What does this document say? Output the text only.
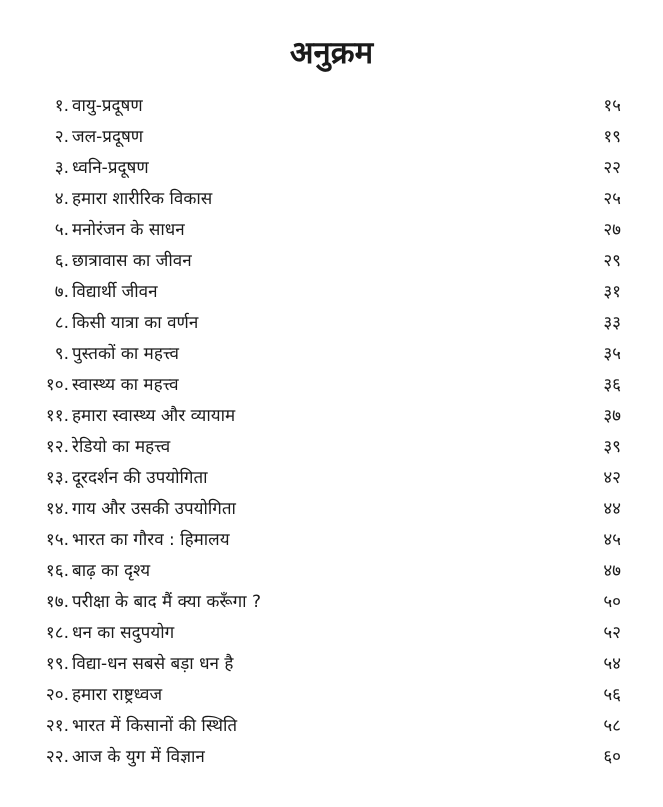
अनुक्रम
१. वायु-प्रदूषण	१५
२. जल-प्रदूषण	१९
३. ध्वनि-प्रदूषण	२२
४. हमारा शारीरिक विकास	२५
५. मनोरंजन के साधन	२७
६. छात्रावास का जीवन	२९
७. विद्यार्थी जीवन	३१
८. किसी यात्रा का वर्णन	३३
९. पुस्तकों का महत्त्व	३५
१०. स्वास्थ्य का महत्त्व	३६
११. हमारा स्वास्थ्य और व्यायाम	३७
१२. रेडियो का महत्त्व	३९
१३. दूरदर्शन की उपयोगिता	४२
१४. गाय और उसकी उपयोगिता	४४
१५. भारत का गौरव : हिमालय	४५
१६. बाढ़ का दृश्य	४७
१७. परीक्षा के बाद मैं क्या करूँगा ?	५०
१८. धन का सदुपयोग	५२
१९. विद्या-धन सबसे बड़ा धन है	५४
२०. हमारा राष्ट्रध्वज	५६
२१. भारत में किसानों की स्थिति	५८
२२. आज के युग में विज्ञान	६०
